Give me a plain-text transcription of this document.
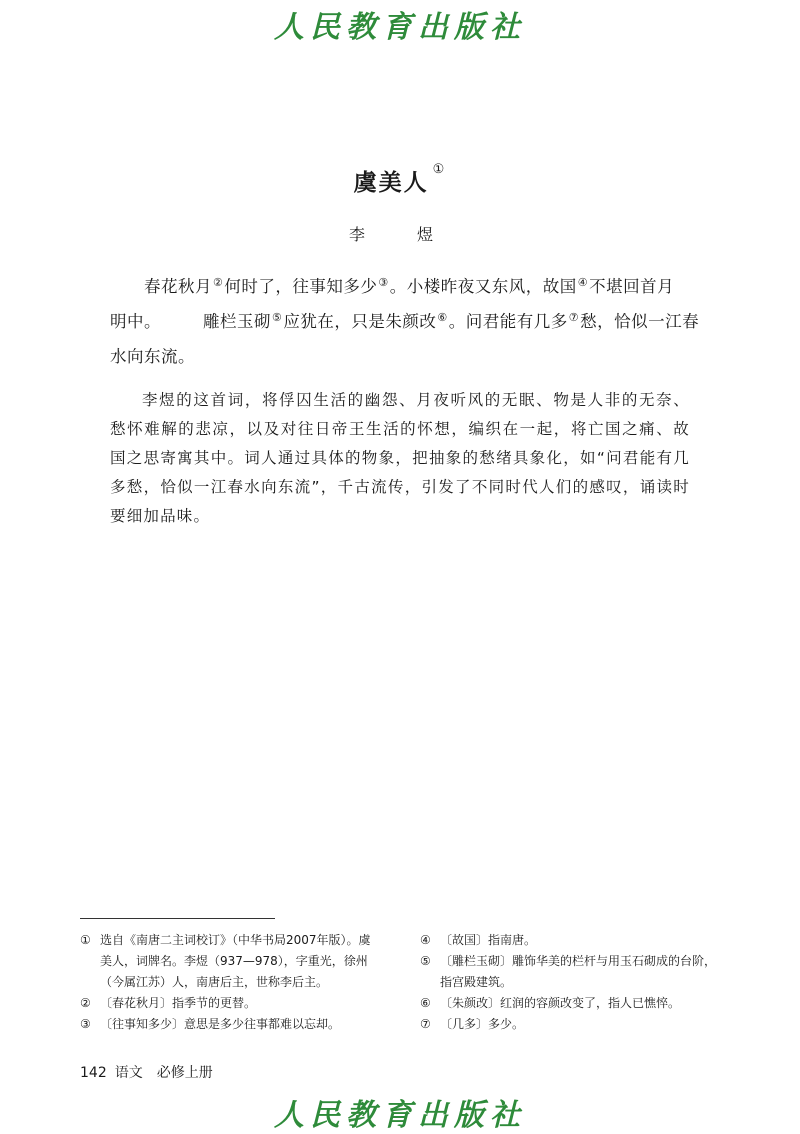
人民教育出版社
虞美人 ①
李　煜
春花秋月②何时了，往事知多少③。小楼昨夜又东风，故国④不堪回首月
明中。	雕栏玉砌⑤应犹在，只是朱颜改⑥。问君能有几多⑦愁，恰似一江春
水向东流。

李煜的这首词，将俘囚生活的幽怨、月夜听风的无眠、物是人非的无奈、愁怀难解的悲凉，以及对往日帝王生活的怀想，编织在一起，将亡国之痛、故国之思寄寓其中。词人通过具体的物象，把抽象的愁绪具象化，如“问君能有几多愁，恰似一江春水向东流”，千古流传，引发了不同时代人们的感叹，诵读时要细加品味。

① 选自《南唐二主词校订》（中华书局2007年版）。虞美人，词牌名。李煜（937—978），字重光，徐州（今属江苏）人，南唐后主，世称李后主。
② 〔春花秋月〕指季节的更替。
③ 〔往事知多少〕意思是多少往事都难以忘却。
④ 〔故国〕指南唐。
⑤ 〔雕栏玉砌〕雕饰华美的栏杆与用玉石砌成的台阶，指宫殿建筑。
⑥ 〔朱颜改〕红润的容颜改变了，指人已憔悴。
⑦ 〔几多〕多少。
142 语文　必修上册
人民教育出版社
